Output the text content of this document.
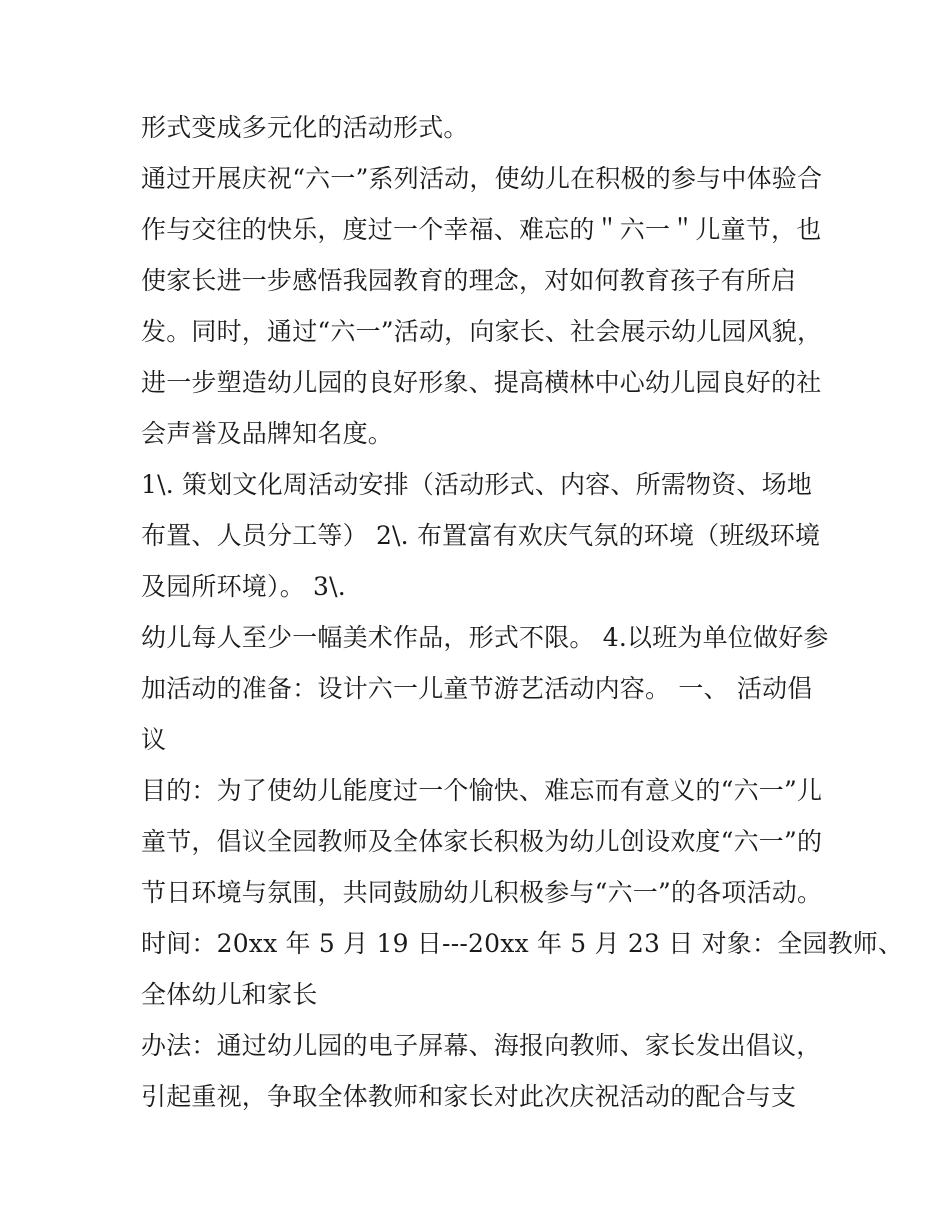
形式变成多元化的活动形式。
通过开展庆祝“六一”系列活动，使幼儿在积极的参与中体验合
作与交往的快乐，度过一个幸福、难忘的＂六一＂儿童节，也
使家长进一步感悟我园教育的理念，对如何教育孩子有所启
发。同时，通过“六一”活动，向家长、社会展示幼儿园风貌，
进一步塑造幼儿园的良好形象、提高横林中心幼儿园良好的社
会声誉及品牌知名度。
1\. 策划文化周活动安排（活动形式、内容、所需物资、场地
布置、人员分工等） 2\. 布置富有欢庆气氛的环境（班级环境
及园所环境）。 3\.
幼儿每人至少一幅美术作品，形式不限。 4.以班为单位做好参
加活动的准备：设计六一儿童节游艺活动内容。 一、 活动倡
议
目的：为了使幼儿能度过一个愉快、难忘而有意义的“六一”儿
童节，倡议全园教师及全体家长积极为幼儿创设欢度“六一”的
节日环境与氛围，共同鼓励幼儿积极参与“六一”的各项活动。
时间：20xx 年 5 月 19 日---20xx 年 5 月 23 日 对象：全园教师、
全体幼儿和家长
办法：通过幼儿园的电子屏幕、海报向教师、家长发出倡议，
引起重视，争取全体教师和家长对此次庆祝活动的配合与支
